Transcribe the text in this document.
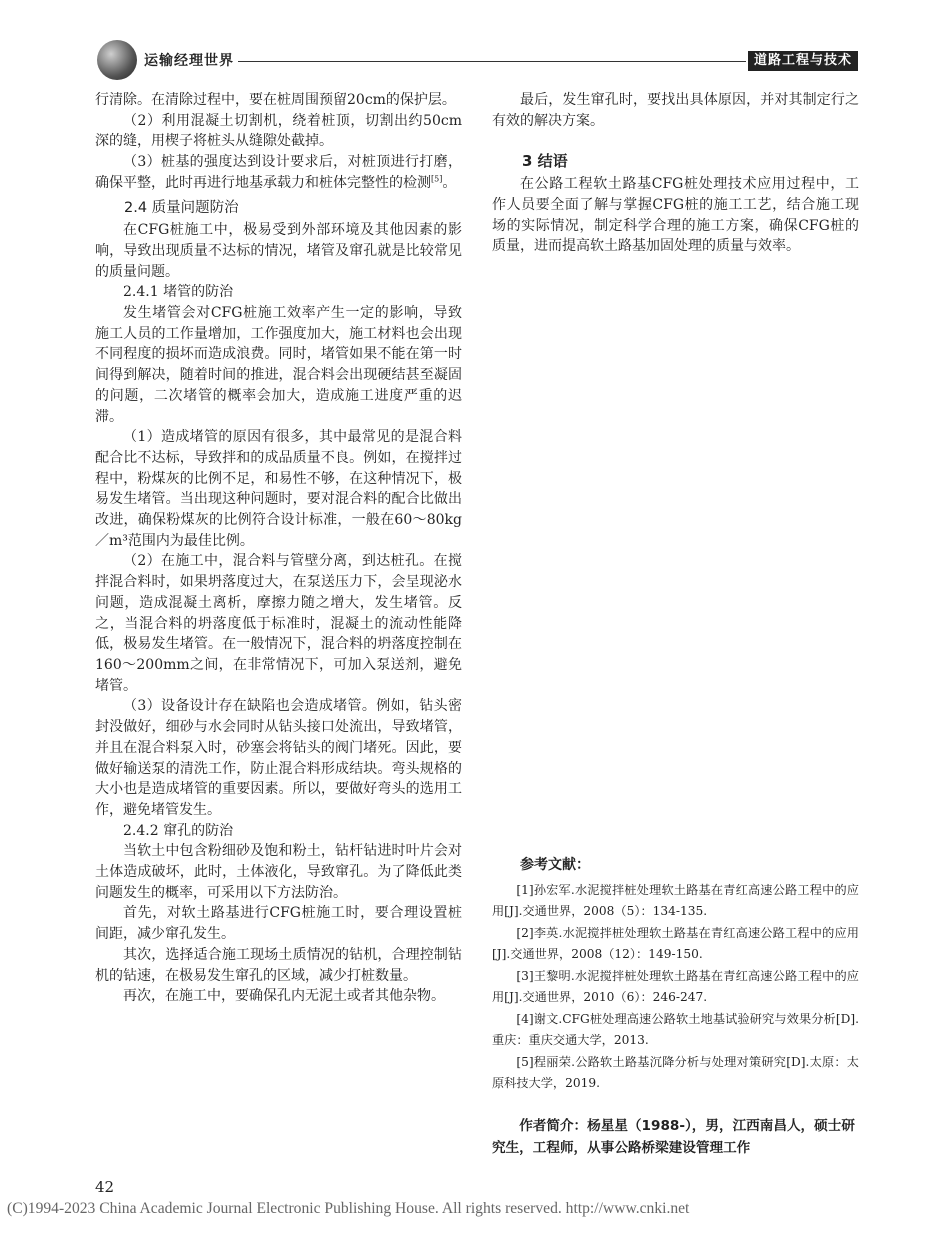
运输经理世界	道路工程与技术

行清除。在清除过程中，要在桩周围预留20cm的保护层。

（2）利用混凝土切割机，绕着桩顶，切割出约50cm深的缝，用楔子将桩头从缝隙处截掉。

（3）桩基的强度达到设计要求后，对桩顶进行打磨，确保平整，此时再进行地基承载力和桩体完整性的检测[5]。

2.4 质量问题防治

在CFG桩施工中，极易受到外部环境及其他因素的影响，导致出现质量不达标的情况，堵管及窜孔就是比较常见的质量问题。

2.4.1 堵管的防治

发生堵管会对CFG桩施工效率产生一定的影响，导致施工人员的工作量增加，工作强度加大，施工材料也会出现不同程度的损坏而造成浪费。同时，堵管如果不能在第一时间得到解决，随着时间的推进，混合料会出现硬结甚至凝固的问题，二次堵管的概率会加大，造成施工进度严重的迟滞。

（1）造成堵管的原因有很多，其中最常见的是混合料配合比不达标，导致拌和的成品质量不良。例如，在搅拌过程中，粉煤灰的比例不足，和易性不够，在这种情况下，极易发生堵管。当出现这种问题时，要对混合料的配合比做出改进，确保粉煤灰的比例符合设计标准，一般在60～80kg／m³范围内为最佳比例。

（2）在施工中，混合料与管壁分离，到达桩孔。在搅拌混合料时，如果坍落度过大，在泵送压力下，会呈现泌水问题，造成混凝土离析，摩擦力随之增大，发生堵管。反之，当混合料的坍落度低于标准时，混凝土的流动性能降低，极易发生堵管。在一般情况下，混合料的坍落度控制在160～200mm之间，在非常情况下，可加入泵送剂，避免堵管。

（3）设备设计存在缺陷也会造成堵管。例如，钻头密封没做好，细砂与水会同时从钻头接口处流出，导致堵管，并且在混合料泵入时，砂塞会将钻头的阀门堵死。因此，要做好输送泵的清洗工作，防止混合料形成结块。弯头规格的大小也是造成堵管的重要因素。所以，要做好弯头的选用工作，避免堵管发生。

2.4.2 窜孔的防治

当软土中包含粉细砂及饱和粉土，钻杆钻进时叶片会对土体造成破坏，此时，土体液化，导致窜孔。为了降低此类问题发生的概率，可采用以下方法防治。

首先，对软土路基进行CFG桩施工时，要合理设置桩间距，减少窜孔发生。

其次，选择适合施工现场土质情况的钻机，合理控制钻机的钻速，在极易发生窜孔的区域，减少打桩数量。

再次，在施工中，要确保孔内无泥土或者其他杂物。

最后，发生窜孔时，要找出具体原因，并对其制定行之有效的解决方案。

3 结语

在公路工程软土路基CFG桩处理技术应用过程中，工作人员要全面了解与掌握CFG桩的施工工艺，结合施工现场的实际情况，制定科学合理的施工方案，确保CFG桩的质量，进而提高软土路基加固处理的质量与效率。

参考文献：
[1]孙宏军.水泥搅拌桩处理软土路基在青红高速公路工程中的应用[J].交通世界，2008（5）：134-135.
[2]李英.水泥搅拌桩处理软土路基在青红高速公路工程中的应用[J].交通世界，2008（12）：149-150.
[3]王黎明.水泥搅拌桩处理软土路基在青红高速公路工程中的应用[J].交通世界，2010（6）：246-247.
[4]谢文.CFG桩处理高速公路软土地基试验研究与效果分析[D].重庆：重庆交通大学，2013.
[5]程丽荣.公路软土路基沉降分析与处理对策研究[D].太原：太原科技大学，2019.
作者简介：杨星星（1988-），男，江西南昌人，硕士研究生，工程师，从事公路桥梁建设管理工作
42
(C)1994-2023 China Academic Journal Electronic Publishing House. All rights reserved. http://www.cnki.net
